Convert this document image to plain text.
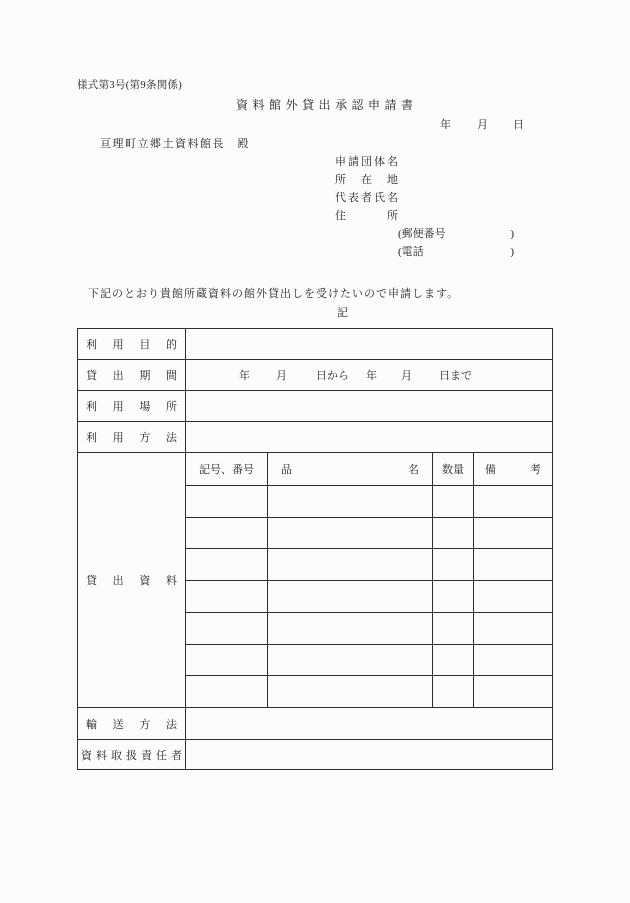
様式第3号(第9条関係)
資料館外貸出承認申請書
年 月 日
亘理町立郷土資料館長　殿
申請団体名
所在地
代表者氏名
住所
(郵便番号	)
(電話	)
下記のとおり貴館所蔵資料の館外貸出しを受けたいので申請します。
記
利用目的
貸出期間	年 月	日から 年 月 日まで
利用場所
利用方法
貸出資料
記号、番号 品名 数量 備考
輸送方法
資料取扱責任者
